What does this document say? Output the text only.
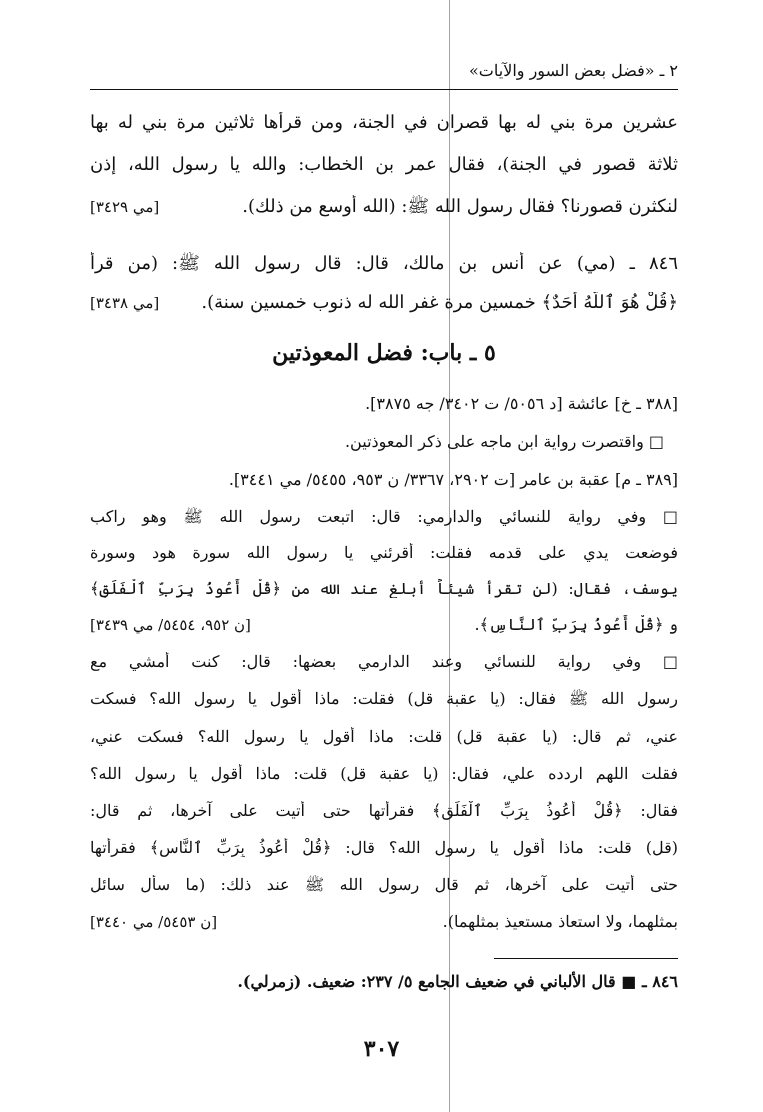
٢ ـ «فضل بعض السور والآيات»
عشرين مرة بني له بها قصران في الجنة، ومن قرأها ثلاثين مرة بني له بها
ثلاثة قصور في الجنة)، فقال عمر بن الخطاب: والله يا رسول الله، إذن
لنكثرن قصورنا؟ فقال رسول الله ﷺ: (الله أوسع من ذلك).
[مي ٣٤٢٩]
٨٤٦ ـ (مي) عن أنس بن مالك، قال: قال رسول الله ﷺ: (من قرأ
﴿قُلْ هُوَ ٱللَّهُ أَحَدٌ﴾ خمسين مرة غفر الله له ذنوب خمسين سنة).
[مي ٣٤٣٨]
٥ ـ باب: فضل المعوذتين
[٣٨٨ ـ خ] عائشة [د ٥٠٥٦/ ت ٣٤٠٢/ جه ٣٨٧٥].
□ واقتصرت رواية ابن ماجه على ذكر المعوذتين.
[٣٨٩ ـ م] عقبة بن عامر [ت ٢٩٠٢، ٣٣٦٧/ ن ٩٥٣، ٥٤٥٥/ مي ٣٤٤١].
□ وفي رواية للنسائي والدارمي: قال: اتبعت رسول الله ﷺ وهو راكب
فوضعت يدي على قدمه فقلت: أقرئني يا رسول الله سورة هود وسورة
يوسف، فقال: (لن تقرأ شيئاً أبلغ عند الله من ﴿قُلْ أَعُوذُ بِرَبِّ ٱلْفَلَقِ﴾
و ﴿قُلْ أَعُوذُ بِرَبِّ ٱلنَّاسِ﴾.
[ن ٩٥٢، ٥٤٥٤/ مي ٣٤٣٩]
□ وفي رواية للنسائي وعند الدارمي بعضها: قال: كنت أمشي مع
رسول الله ﷺ فقال: (يا عقبة قل) فقلت: ماذا أقول يا رسول الله؟ فسكت
عني، ثم قال: (يا عقبة قل) قلت: ماذا أقول يا رسول الله؟ فسكت عني،
فقلت اللهم اردده علي، فقال: (يا عقبة قل) قلت: ماذا أقول يا رسول الله؟
فقال: ﴿قُلْ أَعُوذُ بِرَبِّ ٱلْفَلَقِ﴾ فقرأتها حتى أتيت على آخرها، ثم قال:
(قل) قلت: ماذا أقول يا رسول الله؟ قال: ﴿قُلْ أَعُوذُ بِرَبِّ ٱلنَّاسِ﴾ فقرأتها
حتى أتيت على آخرها، ثم قال رسول الله ﷺ عند ذلك: (ما سأل سائل
بمثلهما، ولا استعاذ مستعيذ بمثلهما).
[ن ٥٤٥٣/ مي ٣٤٤٠]
٨٤٦ ـ ■ قال الألباني في ضعيف الجامع ٥/ ٢٣٧: ضعيف. (زمرلي).
٣٠٧
